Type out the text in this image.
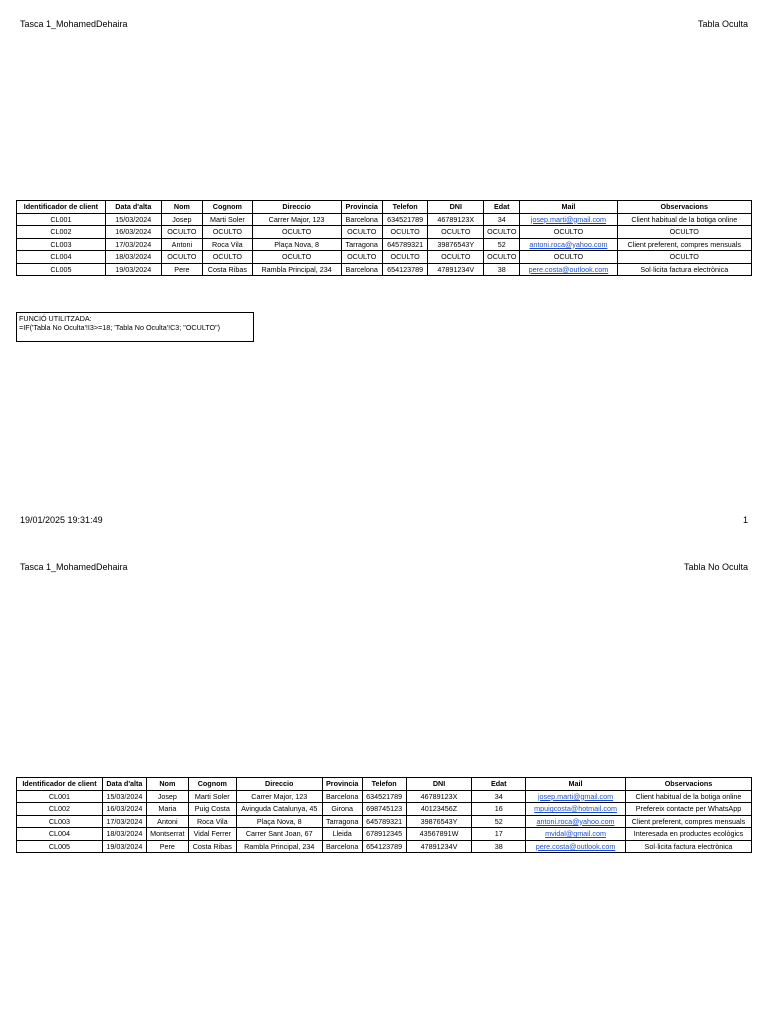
Tasca 1_MohamedDehaira	Tabla Oculta
Identificador de client	Data d'alta	Nom	Cognom	Direccio	Provincia	Telefon	DNI	Edat	Mail	Observacions
CL001	15/03/2024	Josep	Marti Soler	Carrer Major, 123	Barcelona	634521789	46789123X	34	josep.marti@gmail.com	Client habitual de la botiga online
CL002	16/03/2024	OCULTO	OCULTO	OCULTO	OCULTO	OCULTO	OCULTO	OCULTO	OCULTO	OCULTO
CL003	17/03/2024	Antoni	Roca Vila	Plaça Nova, 8	Tarragona	645789321	39876543Y	52	antoni.roca@yahoo.com	Client preferent, compres mensuals
CL004	18/03/2024	OCULTO	OCULTO	OCULTO	OCULTO	OCULTO	OCULTO	OCULTO	OCULTO	OCULTO
CL005	19/03/2024	Pere	Costa Ribas	Rambla Principal, 234	Barcelona	654123789	47891234V	38	pere.costa@outlook.com	Sol·licita factura electrònica
FUNCIÓ UTILITZADA:
=IF('Tabla No Oculta'!I3>=18; 'Tabla No Oculta'!C3; "OCULTO")
19/01/2025 19:31:49	1
Tasca 1_MohamedDehaira	Tabla No Oculta
Identificador de client	Data d'alta	Nom	Cognom	Direccio	Provincia	Telefon	DNI	Edat	Mail	Observacions
CL001	15/03/2024	Josep	Marti Soler	Carrer Major, 123	Barcelona	634521789	46789123X	34	josep.marti@gmail.com	Client habitual de la botiga online
CL002	16/03/2024	Maria	Puig Costa	Avinguda Catalunya, 45	Girona	698745123	40123456Z	16	mpuigcosta@hotmail.com	Prefereix contacte per WhatsApp
CL003	17/03/2024	Antoni	Roca Vila	Plaça Nova, 8	Tarragona	645789321	39876543Y	52	antoni.roca@yahoo.com	Client preferent, compres mensuals
CL004	18/03/2024	Montserrat	Vidal Ferrer	Carrer Sant Joan, 67	Lleida	678912345	43567891W	17	mvidal@gmail.com	Interesada en productes ecològics
CL005	19/03/2024	Pere	Costa Ribas	Rambla Principal, 234	Barcelona	654123789	47891234V	38	pere.costa@outlook.com	Sol·licita factura electrònica
